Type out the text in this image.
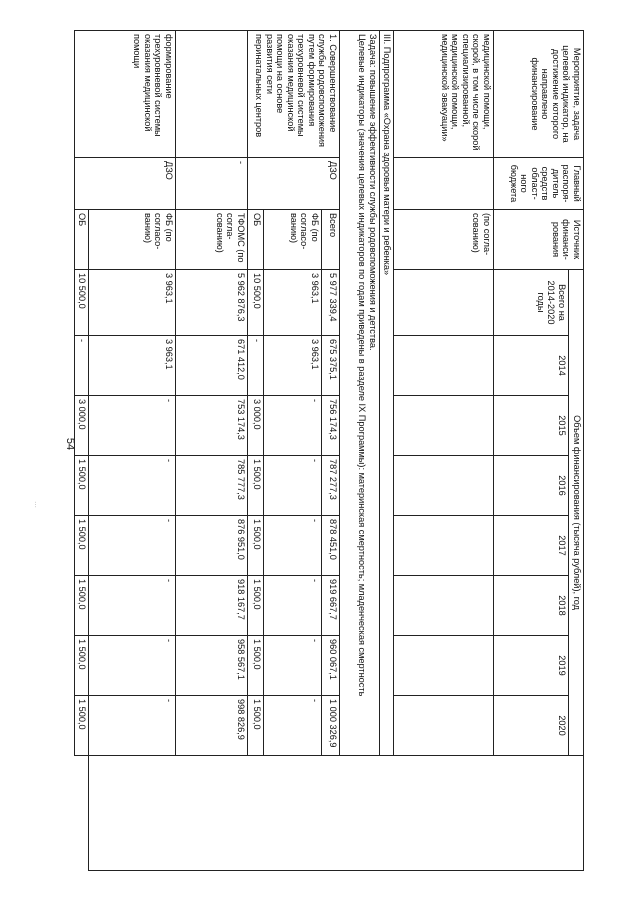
54
...
Мероприятие, задача целевой индикатор, на достижение которого направлено финансирование	Главный распоря-дитель средств област-ного бюджета	Источник финанси-рования	Объем финансирования (тысяча рублей), год								
			Всего на 2014-2020 годы	2014	2015	2016	2017	2018	2019	2020	
медицинской помощи, скорой, в том числе скорой специализированной, медицинской помощи, медицинской эвакуации»		(по согла-сованию)									
III. Подпрограмма «Охрана здоровья матери и ребенка»											

Задача: повышение эффективности службы родовспоможения и детства.
Целевые индикаторы (значения целевых индикаторов по годам приведены в разделе IX Программы): материнская смертность; младенческая смертность											

1. Совершенствование службы родовспоможения путем формирования трехуровневой системы оказания медицинской помощи на основе развития сети перинатальных центров	ДЗО	Всего	5 977 339,4	675 375,1	756 174,3	787 277,3	878 451,0	919 667,7	960 067,1	1 000 326,9	
		ФБ (по согласо-ванию)	3 963,1	3 963,1	-	-	-	-	-	-	
		ОБ	10 500,0	-	3 000,0	1 500,0	1 500,0	1 500,0	1 500,0	1 500,0	
	-	ТФОМС (по согла-сованию)	5 962 876,3	671 412,0	753 174,3	785 777,3	876 951,0	918 167,7	958 567,1	998 826,9	
формирование трехуровневой системы оказания медицинской помощи	ДЗО	ФБ (по согласо-ванию)	3 963,1	3 963,1	-	-	-	-	-	-	
		ОБ	10 500,0	-	3 000,0	1 500,0	1 500,0	1 500,0	1 500,0	1 500,0	
